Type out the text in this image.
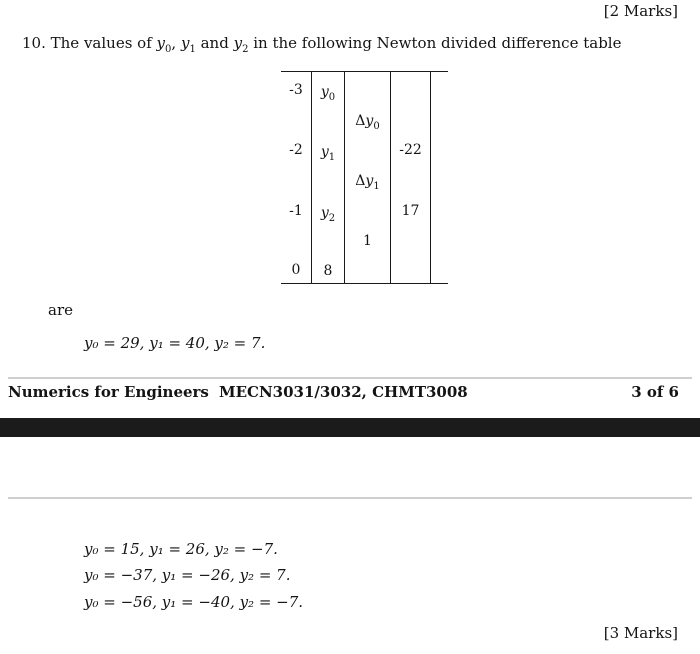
[2 Marks]
10. The values of $y_0$, $y_1$ and $y_2$ in the following Newton divided difference table
-3
-2
-1
0
$y_0$
$y_1$
$y_2$
8
$\Delta y_0$
$\Delta y_1$
1
-22
17
are
y₀ = 29, y₁ = 40, y₂ = 7.
Numerics for Engineers MECN3031/3032, CHMT3008	3 of 6
y₀ = 15, y₁ = 26, y₂ = −7.
y₀ = −37, y₁ = −26, y₂ = 7.
y₀ = −56, y₁ = −40, y₂ = −7.
[3 Marks]
